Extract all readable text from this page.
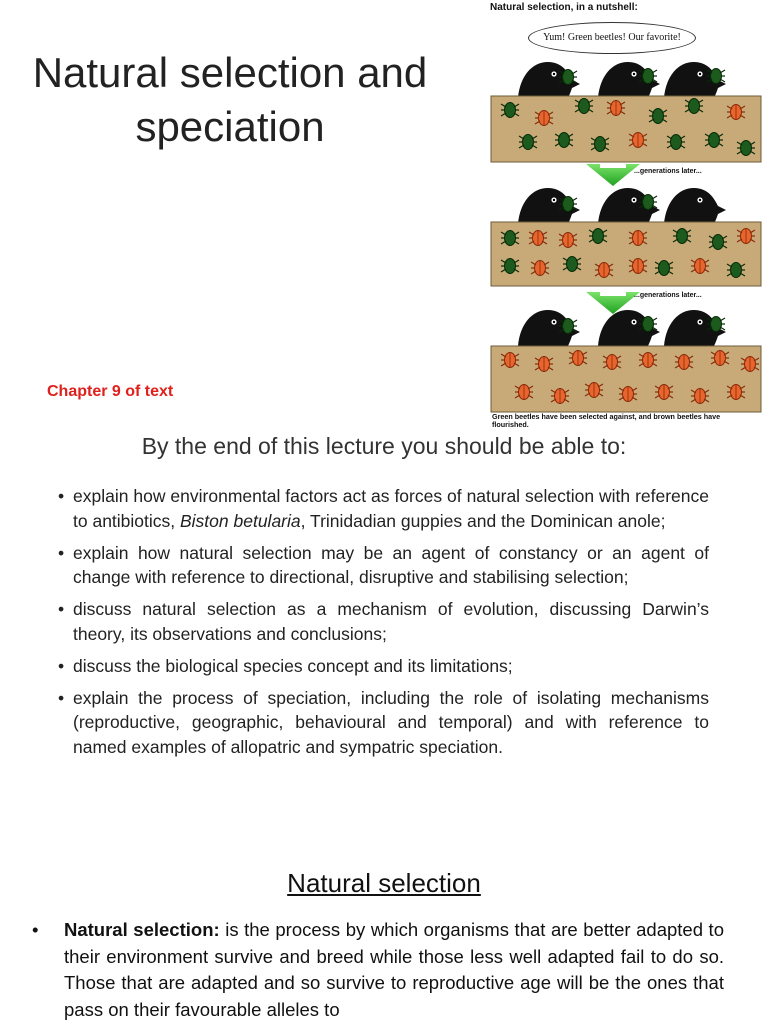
Natural selection and speciation
Chapter 9 of text
Natural selection, in a nutshell:
Yum! Green beetles! Our favorite!
...generations later...
...generations later...
Green beetles have been selected against, and brown beetles have flourished.
By the end of this lecture you should be able to:
• explain how environmental factors act as forces of natural selection with reference to antibiotics, Biston betularia, Trinidadian guppies and the Dominican anole;
• explain how natural selection may be an agent of constancy or an agent of change with reference to directional, disruptive and stabilising selection;
• discuss natural selection as a mechanism of evolution, discussing Darwin’s theory, its observations and conclusions;
• discuss the biological species concept and its limitations;
• explain the process of speciation, including the role of isolating mechanisms (reproductive, geographic, behavioural and temporal) and with reference to named examples of allopatric and sympatric speciation.
Natural selection
• Natural selection: is the process by which organisms that are better adapted to their environment survive and breed while those less well adapted fail to do so. Those that are adapted and so survive to reproductive age will be the ones that pass on their favourable alleles to
